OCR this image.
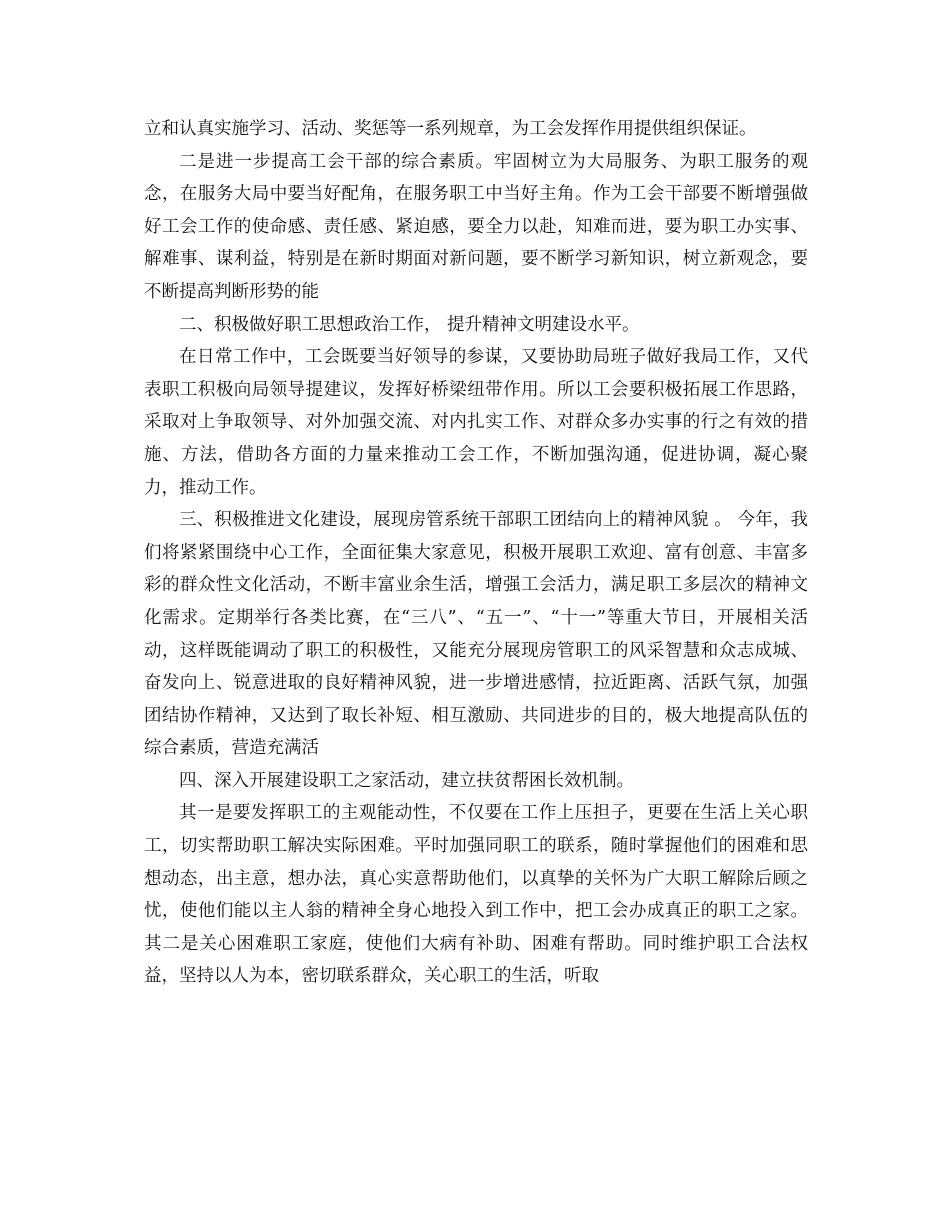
立和认真实施学习、活动、奖惩等一系列规章，为工会发挥作用提供组织保证。

二是进一步提高工会干部的综合素质。牢固树立为大局服务、为职工服务的观念，在服务大局中要当好配角，在服务职工中当好主角。作为工会干部要不断增强做好工会工作的使命感、责任感、紧迫感，要全力以赴，知难而进，要为职工办实事、解难事、谋利益，特别是在新时期面对新问题，要不断学习新知识，树立新观念，要不断提高判断形势的能

二、积极做好职工思想政治工作， 提升精神文明建设水平。

在日常工作中，工会既要当好领导的参谋，又要协助局班子做好我局工作，又代表职工积极向局领导提建议，发挥好桥梁纽带作用。所以工会要积极拓展工作思路，采取对上争取领导、对外加强交流、对内扎实工作、对群众多办实事的行之有效的措施、方法，借助各方面的力量来推动工会工作，不断加强沟通，促进协调，凝心聚力，推动工作。

三、积极推进文化建设，展现房管系统干部职工团结向上的精神风貌 。 今年，我们将紧紧围绕中心工作，全面征集大家意见，积极开展职工欢迎、富有创意、丰富多彩的群众性文化活动，不断丰富业余生活，增强工会活力，满足职工多层次的精神文化需求。定期举行各类比赛，在“三八”、“五一”、“十一”等重大节日，开展相关活动，这样既能调动了职工的积极性，又能充分展现房管职工的风采智慧和众志成城、奋发向上、锐意进取的良好精神风貌，进一步增进感情，拉近距离、活跃气氛，加强团结协作精神，又达到了取长补短、相互激励、共同进步的目的，极大地提高队伍的综合素质，营造充满活

四、深入开展建设职工之家活动，建立扶贫帮困长效机制。

其一是要发挥职工的主观能动性，不仅要在工作上压担子，更要在生活上关心职工，切实帮助职工解决实际困难。平时加强同职工的联系，随时掌握他们的困难和思想动态，出主意，想办法，真心实意帮助他们，以真挚的关怀为广大职工解除后顾之忧，使他们能以主人翁的精神全身心地投入到工作中，把工会办成真正的职工之家。其二是关心困难职工家庭，使他们大病有补助、困难有帮助。同时维护职工合法权益，坚持以人为本，密切联系群众，关心职工的生活，听取
